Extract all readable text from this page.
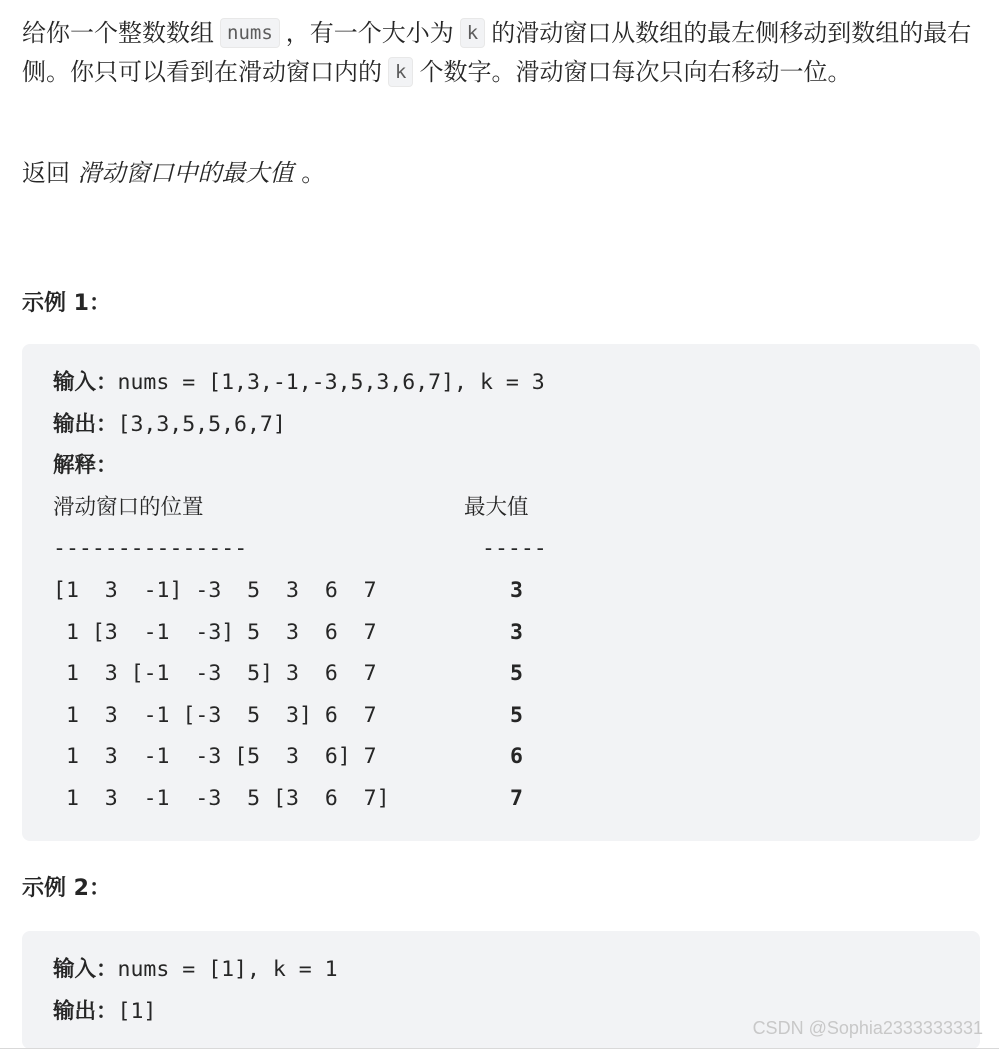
给你一个整数数组 nums ，有一个大小为 k 的滑动窗口从数组的最左侧移动到数组的最右侧。你只可以看到在滑动窗口内的 k 个数字。滑动窗口每次只向右移动一位。

返回 滑动窗口中的最大值 。

示例 1：
输入：nums = [1,3,-1,-3,5,3,6,7], k = 3
输出：[3,3,5,5,6,7]
解释：
滑动窗口的位置	最大值
---------------	-----
[1  3  -1] -3  5  3  6  7	3
1 [3  -1  -3] 5  3  6  7	3
1  3 [-1  -3  5] 3  6  7	5
1  3  -1 [-3  5  3] 6  7	5
1  3  -1  -3 [5  3  6] 7	6
1  3  -1  -3  5 [3  6  7]	7
示例 2：
输入：nums = [1], k = 1
输出：[1]
CSDN @Sophia2333333331
